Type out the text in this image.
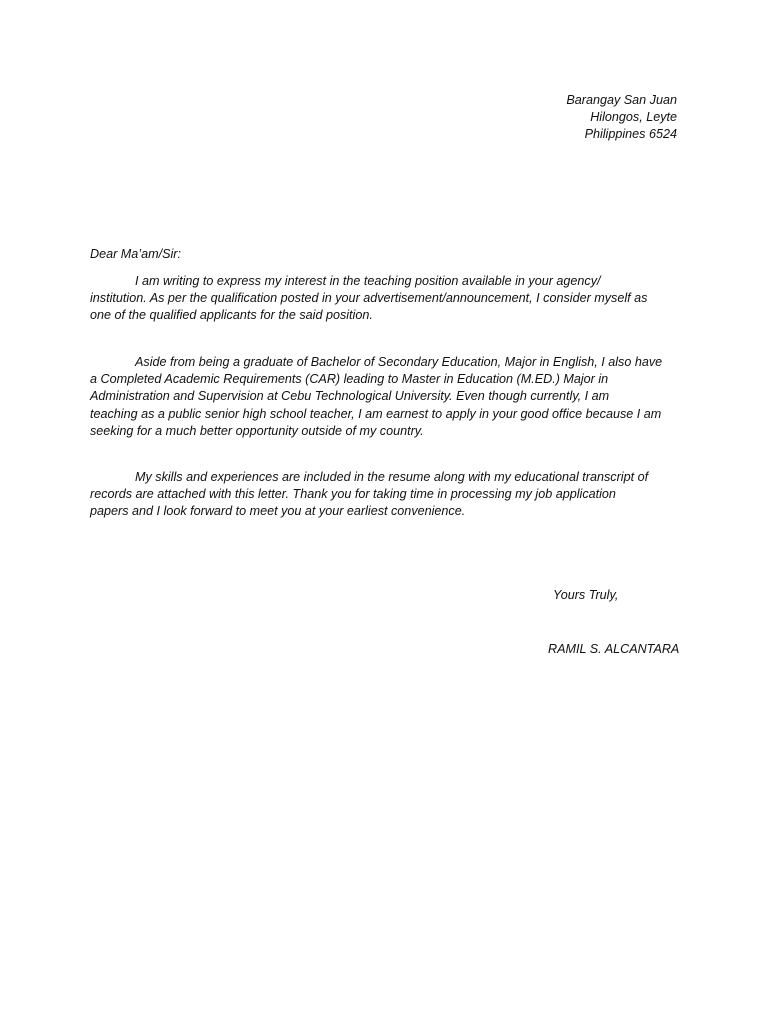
Barangay San Juan
Hilongos, Leyte
Philippines 6524
Dear Ma’am/Sir:
I am writing to express my interest in the teaching position available in your agency/
institution. As per the qualification posted in your advertisement/announcement, I consider myself as
one of the qualified applicants for the said position.
Aside from being a graduate of Bachelor of Secondary Education, Major in English, I also have
a Completed Academic Requirements (CAR) leading to Master in Education (M.ED.) Major in
Administration and Supervision at Cebu Technological University. Even though currently, I am
teaching as a public senior high school teacher, I am earnest to apply in your good office because I am
seeking for a much better opportunity outside of my country.
My skills and experiences are included in the resume along with my educational transcript of
records are attached with this letter. Thank you for taking time in processing my job application
papers and I look forward to meet you at your earliest convenience.
Yours Truly,
RAMIL S. ALCANTARA
